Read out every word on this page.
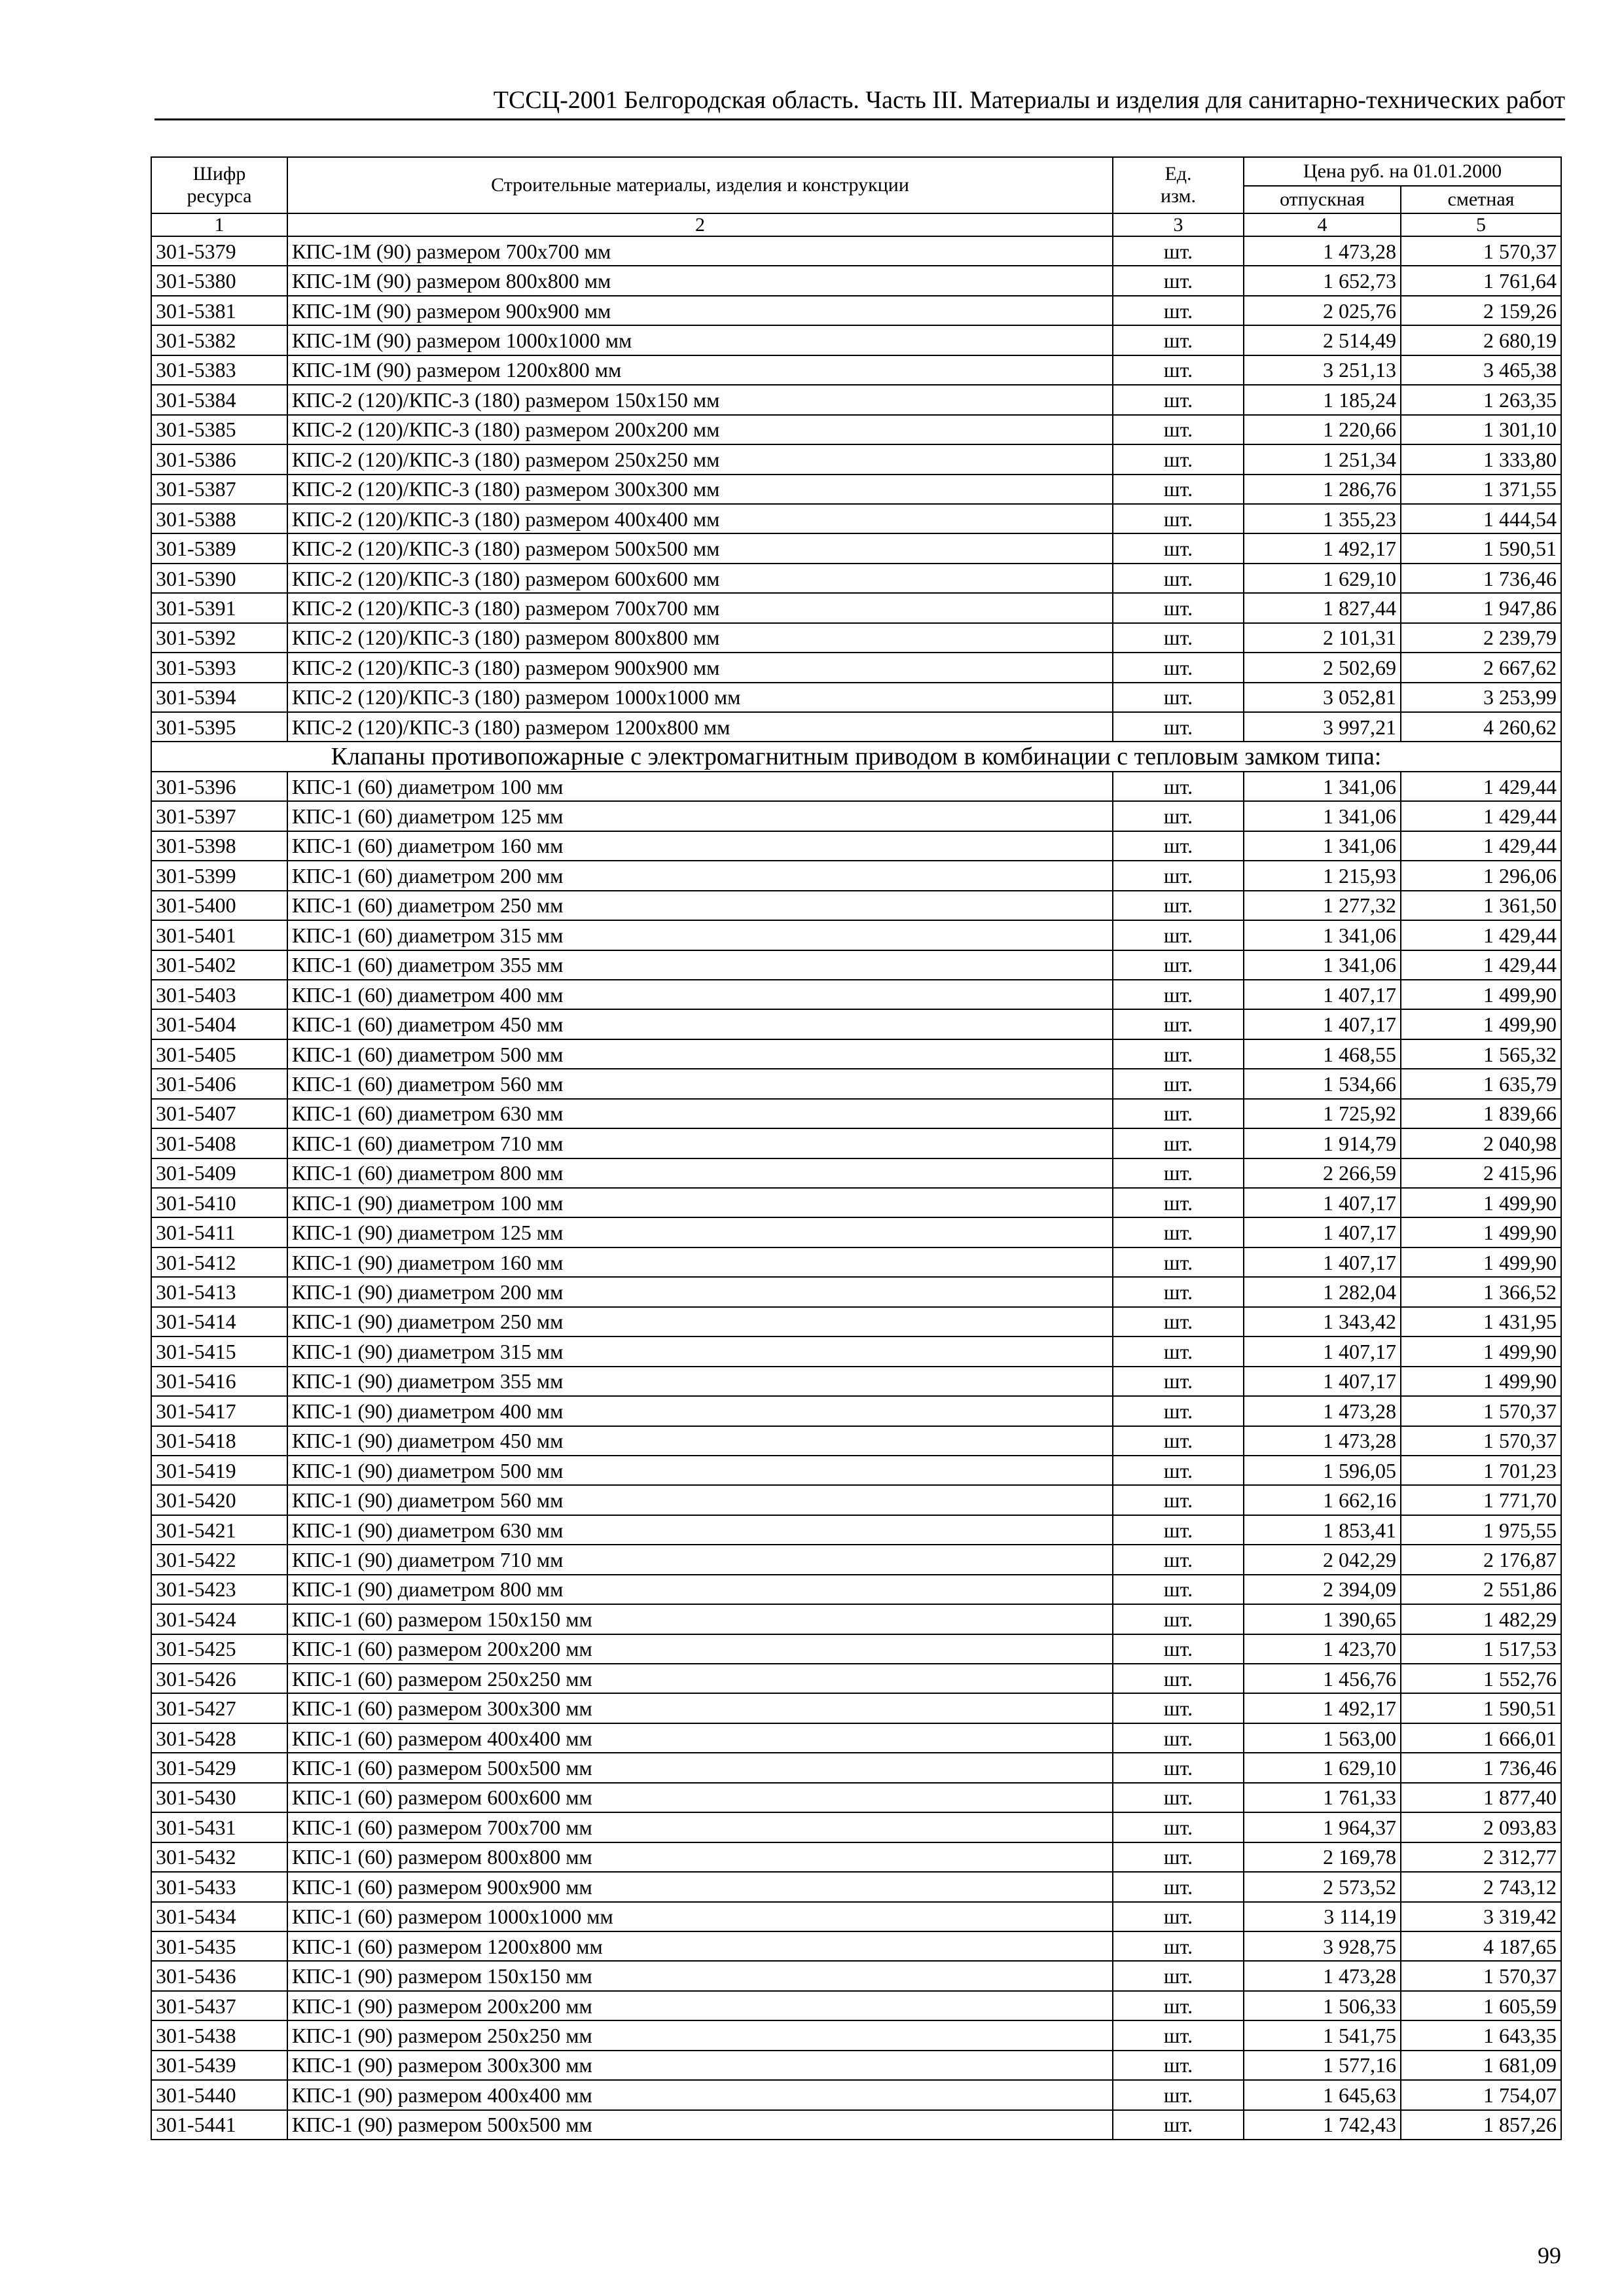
ТССЦ-2001 Белгородская область. Часть III. Материалы и изделия для санитарно-технических работ
Шифр
ресурса	Строительные материалы, изделия и конструкции	Ед.
изм.	Цена руб. на 01.01.2000	
			отпускная	сметная
1	2	3	4	5
301-5379	КПС-1М (90) размером 700х700 мм	шт.	1 473,28	1 570,37
301-5380	КПС-1М (90) размером 800х800 мм	шт.	1 652,73	1 761,64
301-5381	КПС-1М (90) размером 900х900 мм	шт.	2 025,76	2 159,26
301-5382	КПС-1М (90) размером 1000х1000 мм	шт.	2 514,49	2 680,19
301-5383	КПС-1М (90) размером 1200х800 мм	шт.	3 251,13	3 465,38
301-5384	КПС-2 (120)/КПС-3 (180) размером 150х150 мм	шт.	1 185,24	1 263,35
301-5385	КПС-2 (120)/КПС-3 (180) размером 200х200 мм	шт.	1 220,66	1 301,10
301-5386	КПС-2 (120)/КПС-3 (180) размером 250х250 мм	шт.	1 251,34	1 333,80
301-5387	КПС-2 (120)/КПС-3 (180) размером 300х300 мм	шт.	1 286,76	1 371,55
301-5388	КПС-2 (120)/КПС-3 (180) размером 400х400 мм	шт.	1 355,23	1 444,54
301-5389	КПС-2 (120)/КПС-3 (180) размером 500х500 мм	шт.	1 492,17	1 590,51
301-5390	КПС-2 (120)/КПС-3 (180) размером 600х600 мм	шт.	1 629,10	1 736,46
301-5391	КПС-2 (120)/КПС-3 (180) размером 700х700 мм	шт.	1 827,44	1 947,86
301-5392	КПС-2 (120)/КПС-3 (180) размером 800х800 мм	шт.	2 101,31	2 239,79
301-5393	КПС-2 (120)/КПС-3 (180) размером 900х900 мм	шт.	2 502,69	2 667,62
301-5394	КПС-2 (120)/КПС-3 (180) размером 1000х1000 мм	шт.	3 052,81	3 253,99
301-5395	КПС-2 (120)/КПС-3 (180) размером 1200х800 мм	шт.	3 997,21	4 260,62
Клапаны противопожарные с электромагнитным приводом в комбинации с тепловым замком типа:				
301-5396	КПС-1 (60) диаметром 100 мм	шт.	1 341,06	1 429,44
301-5397	КПС-1 (60) диаметром 125 мм	шт.	1 341,06	1 429,44
301-5398	КПС-1 (60) диаметром 160 мм	шт.	1 341,06	1 429,44
301-5399	КПС-1 (60) диаметром 200 мм	шт.	1 215,93	1 296,06
301-5400	КПС-1 (60) диаметром 250 мм	шт.	1 277,32	1 361,50
301-5401	КПС-1 (60) диаметром 315 мм	шт.	1 341,06	1 429,44
301-5402	КПС-1 (60) диаметром 355 мм	шт.	1 341,06	1 429,44
301-5403	КПС-1 (60) диаметром 400 мм	шт.	1 407,17	1 499,90
301-5404	КПС-1 (60) диаметром 450 мм	шт.	1 407,17	1 499,90
301-5405	КПС-1 (60) диаметром 500 мм	шт.	1 468,55	1 565,32
301-5406	КПС-1 (60) диаметром 560 мм	шт.	1 534,66	1 635,79
301-5407	КПС-1 (60) диаметром 630 мм	шт.	1 725,92	1 839,66
301-5408	КПС-1 (60) диаметром 710 мм	шт.	1 914,79	2 040,98
301-5409	КПС-1 (60) диаметром 800 мм	шт.	2 266,59	2 415,96
301-5410	КПС-1 (90) диаметром 100 мм	шт.	1 407,17	1 499,90
301-5411	КПС-1 (90) диаметром 125 мм	шт.	1 407,17	1 499,90
301-5412	КПС-1 (90) диаметром 160 мм	шт.	1 407,17	1 499,90
301-5413	КПС-1 (90) диаметром 200 мм	шт.	1 282,04	1 366,52
301-5414	КПС-1 (90) диаметром 250 мм	шт.	1 343,42	1 431,95
301-5415	КПС-1 (90) диаметром 315 мм	шт.	1 407,17	1 499,90
301-5416	КПС-1 (90) диаметром 355 мм	шт.	1 407,17	1 499,90
301-5417	КПС-1 (90) диаметром 400 мм	шт.	1 473,28	1 570,37
301-5418	КПС-1 (90) диаметром 450 мм	шт.	1 473,28	1 570,37
301-5419	КПС-1 (90) диаметром 500 мм	шт.	1 596,05	1 701,23
301-5420	КПС-1 (90) диаметром 560 мм	шт.	1 662,16	1 771,70
301-5421	КПС-1 (90) диаметром 630 мм	шт.	1 853,41	1 975,55
301-5422	КПС-1 (90) диаметром 710 мм	шт.	2 042,29	2 176,87
301-5423	КПС-1 (90) диаметром 800 мм	шт.	2 394,09	2 551,86
301-5424	КПС-1 (60) размером 150х150 мм	шт.	1 390,65	1 482,29
301-5425	КПС-1 (60) размером 200х200 мм	шт.	1 423,70	1 517,53
301-5426	КПС-1 (60) размером 250х250 мм	шт.	1 456,76	1 552,76
301-5427	КПС-1 (60) размером 300х300 мм	шт.	1 492,17	1 590,51
301-5428	КПС-1 (60) размером 400х400 мм	шт.	1 563,00	1 666,01
301-5429	КПС-1 (60) размером 500х500 мм	шт.	1 629,10	1 736,46
301-5430	КПС-1 (60) размером 600х600 мм	шт.	1 761,33	1 877,40
301-5431	КПС-1 (60) размером 700х700 мм	шт.	1 964,37	2 093,83
301-5432	КПС-1 (60) размером 800х800 мм	шт.	2 169,78	2 312,77
301-5433	КПС-1 (60) размером 900х900 мм	шт.	2 573,52	2 743,12
301-5434	КПС-1 (60) размером 1000х1000 мм	шт.	3 114,19	3 319,42
301-5435	КПС-1 (60) размером 1200х800 мм	шт.	3 928,75	4 187,65
301-5436	КПС-1 (90) размером 150х150 мм	шт.	1 473,28	1 570,37
301-5437	КПС-1 (90) размером 200х200 мм	шт.	1 506,33	1 605,59
301-5438	КПС-1 (90) размером 250х250 мм	шт.	1 541,75	1 643,35
301-5439	КПС-1 (90) размером 300х300 мм	шт.	1 577,16	1 681,09
301-5440	КПС-1 (90) размером 400х400 мм	шт.	1 645,63	1 754,07
301-5441	КПС-1 (90) размером 500х500 мм	шт.	1 742,43	1 857,26
99
